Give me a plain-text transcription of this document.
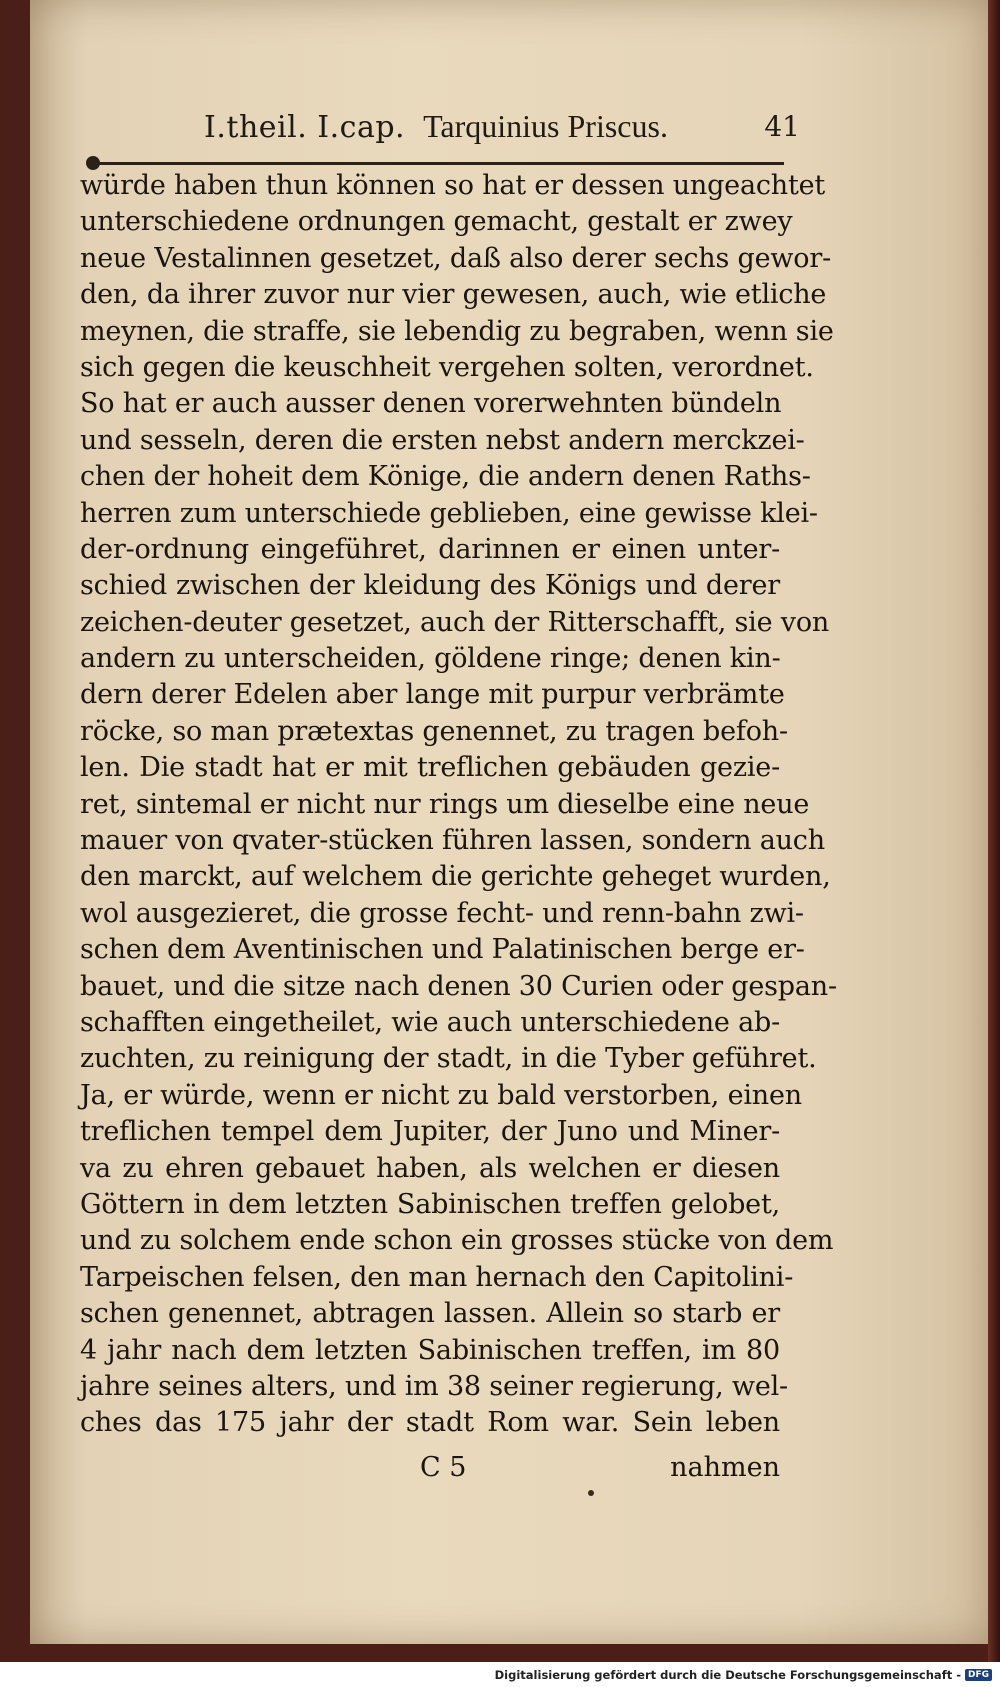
I.theil. I.cap. Tarquinius Priscus.	41
würde haben thun können so hat er dessen ungeachtet
unterschiedene ordnungen gemacht, gestalt er zwey
neue Vestalinnen gesetzet, daß also derer sechs gewor-
den, da ihrer zuvor nur vier gewesen, auch, wie etliche
meynen, die straffe, sie lebendig zu begraben, wenn sie
sich gegen die keuschheit vergehen solten, verordnet.
So hat er auch ausser denen vorerwehnten bündeln
und sesseln, deren die ersten nebst andern merckzei-
chen der hoheit dem Könige, die andern denen Raths-
herren zum unterschiede geblieben, eine gewisse klei-
der-ordnung eingeführet, darinnen er einen unter-
schied zwischen der kleidung des Königs und derer
zeichen-deuter gesetzet, auch der Ritterschafft, sie von
andern zu unterscheiden, göldene ringe; denen kin-
dern derer Edelen aber lange mit purpur verbrämte
röcke, so man prætextas genennet, zu tragen befoh-
len. Die stadt hat er mit treflichen gebäuden gezie-
ret, sintemal er nicht nur rings um dieselbe eine neue
mauer von qvater-stücken führen lassen, sondern auch
den marckt, auf welchem die gerichte geheget wurden,
wol ausgezieret, die grosse fecht- und renn-bahn zwi-
schen dem Aventinischen und Palatinischen berge er-
bauet, und die sitze nach denen 30 Curien oder gespan-
schafften eingetheilet, wie auch unterschiedene ab-
zuchten, zu reinigung der stadt, in die Tyber geführet.
Ja, er würde, wenn er nicht zu bald verstorben, einen
treflichen tempel dem Jupiter, der Juno und Miner-
va zu ehren gebauet haben, als welchen er diesen
Göttern in dem letzten Sabinischen treffen gelobet,
und zu solchem ende schon ein grosses stücke von dem
Tarpeischen felsen, den man hernach den Capitolini-
schen genennet, abtragen lassen. Allein so starb er
4 jahr nach dem letzten Sabinischen treffen, im 80
jahre seines alters, und im 38 seiner regierung, wel-
ches das 175 jahr der stadt Rom war. Sein leben
C 5	nahmen
Digitalisierung gefördert durch die Deutsche Forschungsgemeinschaft - DFG
